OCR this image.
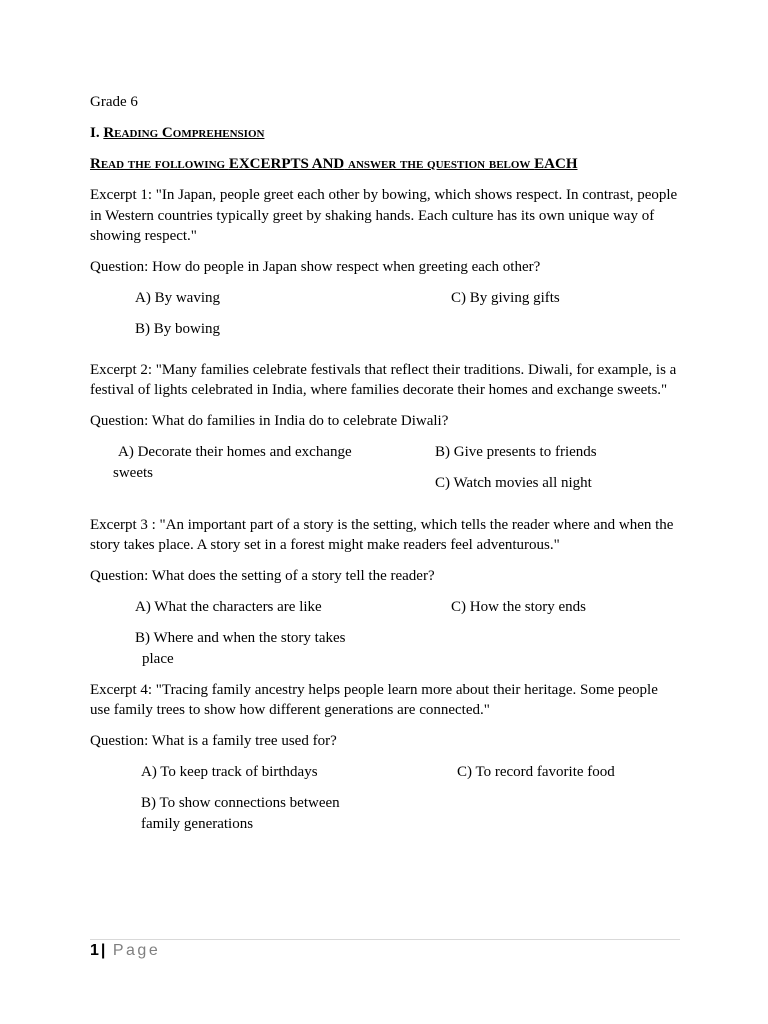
Grade 6

I. Reading Comprehension

Read the following EXCERPTS AND answer the question below EACH

Excerpt 1: "In Japan, people greet each other by bowing, which shows respect. In contrast, people in Western countries typically greet by shaking hands. Each culture has its own unique way of showing respect."

Question: How do people in Japan show respect when greeting each other?

A) By waving
B) By bowing
C) By giving gifts

Excerpt 2: "Many families celebrate festivals that reflect their traditions. Diwali, for example, is a festival of lights celebrated in India, where families decorate their homes and exchange sweets."

Question: What do families in India do to celebrate Diwali?

A) Decorate their homes and exchange sweets
B) Give presents to friends
C) Watch movies all night

Excerpt 3 : "An important part of a story is the setting, which tells the reader where and when the story takes place. A story set in a forest might make readers feel adventurous."

Question: What does the setting of a story tell the reader?

A) What the characters are like
B) Where and when the story takes place
C) How the story ends

Excerpt 4: "Tracing family ancestry helps people learn more about their heritage. Some people use family trees to show how different generations are connected."

Question: What is a family tree used for?

A) To keep track of birthdays
B) To show connections between family generations
C) To record favorite food
1 | Page
